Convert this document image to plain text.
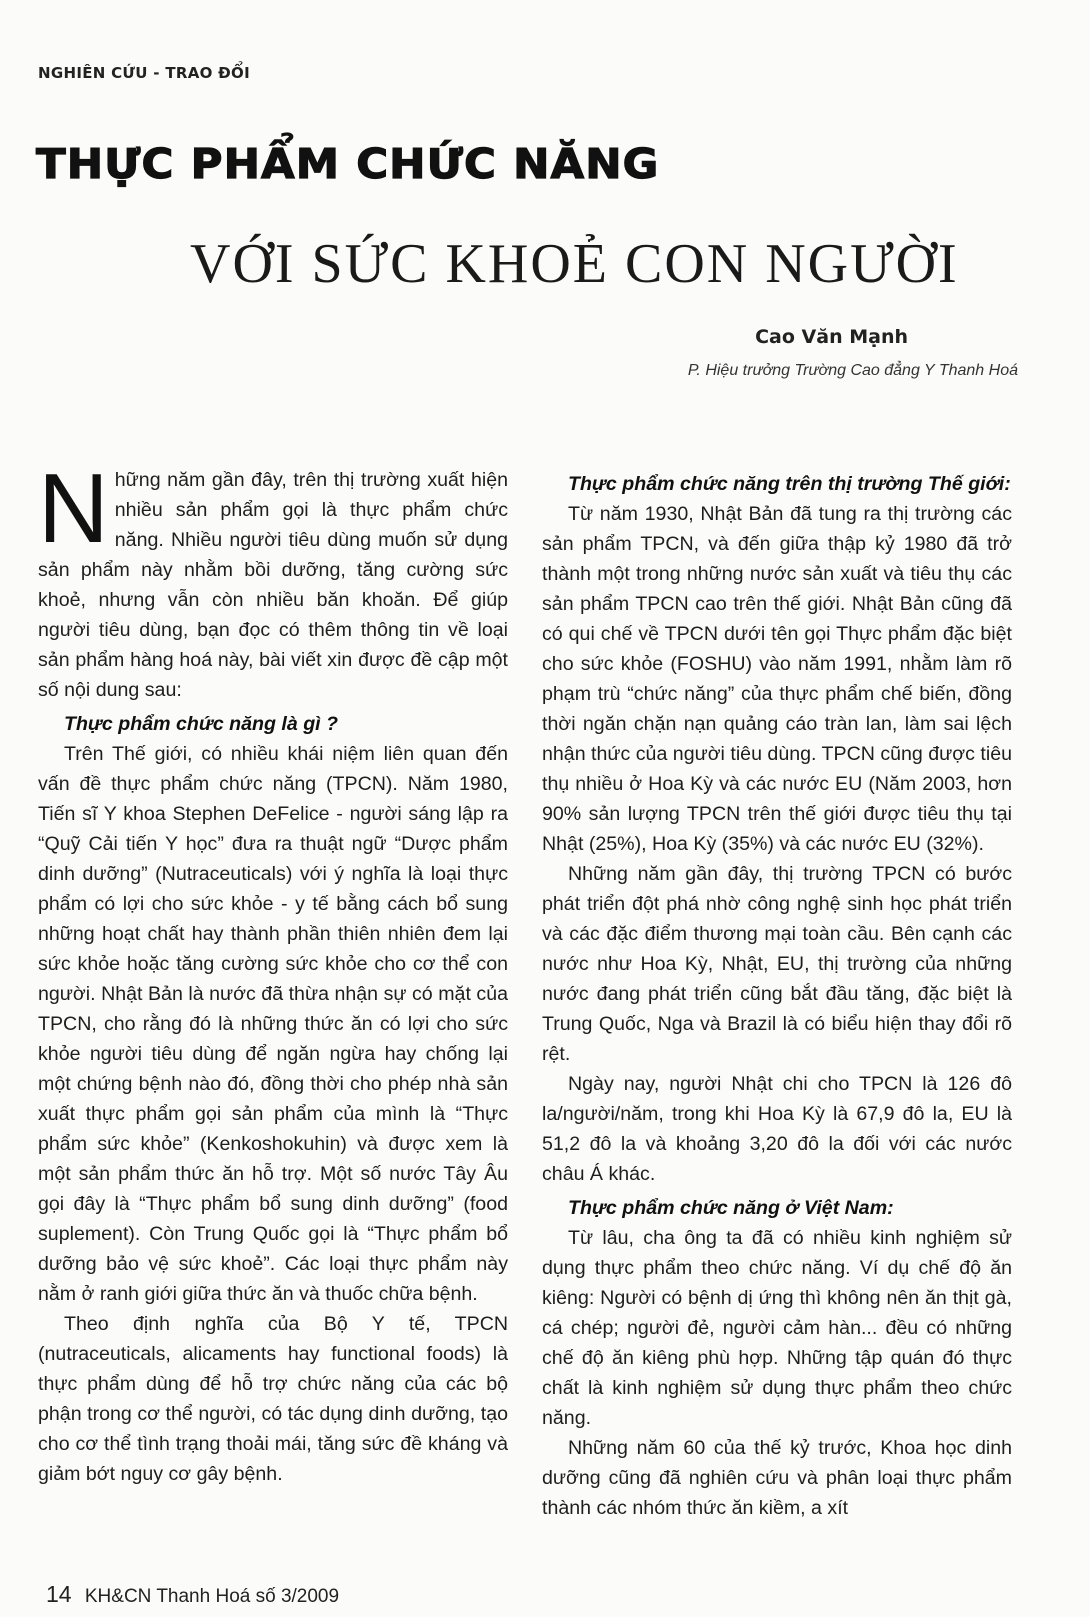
NGHIÊN CỨU - TRAO ĐỔI
THỰC PHẨM CHỨC NĂNG
VỚI SỨC KHOẺ CON NGƯỜI
Cao Văn Mạnh
P. Hiệu trưởng Trường Cao đẳng Y Thanh Hoá

Những năm gần đây, trên thị trường xuất hiện nhiều sản phẩm gọi là thực phẩm chức năng. Nhiều người tiêu dùng muốn sử dụng sản phẩm này nhằm bồi dưỡng, tăng cường sức khoẻ, nhưng vẫn còn nhiều băn khoăn. Để giúp người tiêu dùng, bạn đọc có thêm thông tin về loại sản phẩm hàng hoá này, bài viết xin được đề cập một số nội dung sau:

Thực phẩm chức năng là gì ?

Trên Thế giới, có nhiều khái niệm liên quan đến vấn đề thực phẩm chức năng (TPCN). Năm 1980, Tiến sĩ Y khoa Stephen DeFelice - người sáng lập ra “Quỹ Cải tiến Y học” đưa ra thuật ngữ “Dược phẩm dinh dưỡng” (Nutraceuticals) với ý nghĩa là loại thực phẩm có lợi cho sức khỏe - y tế bằng cách bổ sung những hoạt chất hay thành phần thiên nhiên đem lại sức khỏe hoặc tăng cường sức khỏe cho cơ thể con người. Nhật Bản là nước đã thừa nhận sự có mặt của TPCN, cho rằng đó là những thức ăn có lợi cho sức khỏe người tiêu dùng để ngăn ngừa hay chống lại một chứng bệnh nào đó, đồng thời cho phép nhà sản xuất thực phẩm gọi sản phẩm của mình là “Thực phẩm sức khỏe” (Kenkoshokuhin) và được xem là một sản phẩm thức ăn hỗ trợ. Một số nước Tây Âu gọi đây là “Thực phẩm bổ sung dinh dưỡng” (food suplement). Còn Trung Quốc gọi là “Thực phẩm bổ dưỡng bảo vệ sức khoẻ”. Các loại thực phẩm này nằm ở ranh giới giữa thức ăn và thuốc chữa bệnh.

Theo định nghĩa của Bộ Y tế, TPCN (nutraceuticals, alicaments hay functional foods) là thực phẩm dùng để hỗ trợ chức năng của các bộ phận trong cơ thể người, có tác dụng dinh dưỡng, tạo cho cơ thể tình trạng thoải mái, tăng sức đề kháng và giảm bớt nguy cơ gây bệnh.

Thực phẩm chức năng trên thị trường Thế giới:

Từ năm 1930, Nhật Bản đã tung ra thị trường các sản phẩm TPCN, và đến giữa thập kỷ 1980 đã trở thành một trong những nước sản xuất và tiêu thụ các sản phẩm TPCN cao trên thế giới. Nhật Bản cũng đã có qui chế về TPCN dưới tên gọi Thực phẩm đặc biệt cho sức khỏe (FOSHU) vào năm 1991, nhằm làm rõ phạm trù “chức năng” của thực phẩm chế biến, đồng thời ngăn chặn nạn quảng cáo tràn lan, làm sai lệch nhận thức của người tiêu dùng. TPCN cũng được tiêu thụ nhiều ở Hoa Kỳ và các nước EU (Năm 2003, hơn 90% sản lượng TPCN trên thế giới được tiêu thụ tại Nhật (25%), Hoa Kỳ (35%) và các nước EU (32%).

Những năm gần đây, thị trường TPCN có bước phát triển đột phá nhờ công nghệ sinh học phát triển và các đặc điểm thương mại toàn cầu. Bên cạnh các nước như Hoa Kỳ, Nhật, EU, thị trường của những nước đang phát triển cũng bắt đầu tăng, đặc biệt là Trung Quốc, Nga và Brazil là có biểu hiện thay đổi rõ rệt.

Ngày nay, người Nhật chi cho TPCN là 126 đô la/người/năm, trong khi Hoa Kỳ là 67,9 đô la, EU là 51,2 đô la và khoảng 3,20 đô la đối với các nước châu Á khác.

Thực phẩm chức năng ở Việt Nam:

Từ lâu, cha ông ta đã có nhiều kinh nghiệm sử dụng thực phẩm theo chức năng. Ví dụ chế độ ăn kiêng: Người có bệnh dị ứng thì không nên ăn thịt gà, cá chép; người đẻ, người cảm hàn... đều có những chế độ ăn kiêng phù hợp. Những tập quán đó thực chất là kinh nghiệm sử dụng thực phẩm theo chức năng.

Những năm 60 của thế kỷ trước, Khoa học dinh dưỡng cũng đã nghiên cứu và phân loại thực phẩm thành các nhóm thức ăn kiềm, a xít

14 KH&CN Thanh Hoá số 3/2009
